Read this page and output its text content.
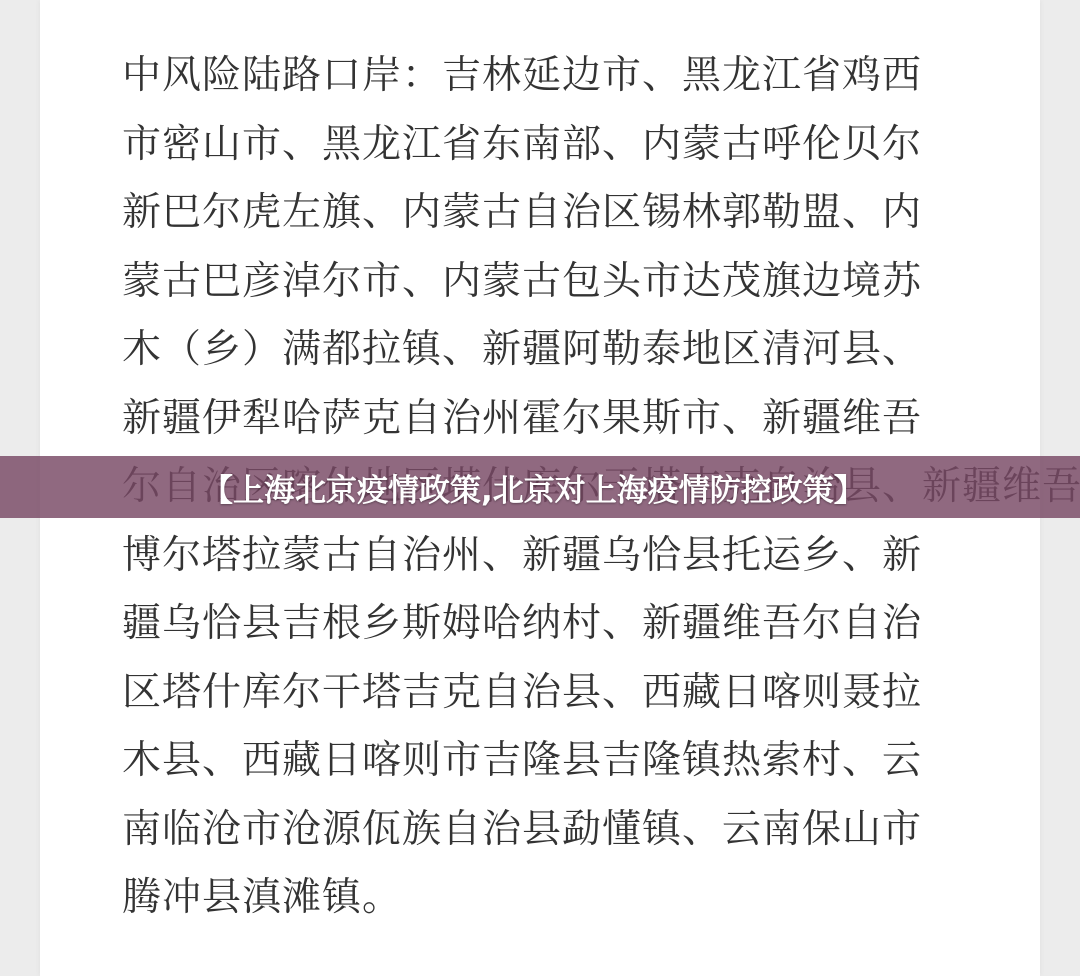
中风险陆路口岸：吉林延边市、黑龙江省鸡西
市密山市、黑龙江省东南部、内蒙古呼伦贝尔
新巴尔虎左旗、内蒙古自治区锡林郭勒盟、内
蒙古巴彦淖尔市、内蒙古包头市达茂旗边境苏
木（乡）满都拉镇、新疆阿勒泰地区清河县、
新疆伊犁哈萨克自治州霍尔果斯市、新疆维吾
博尔塔拉蒙古自治州、新疆乌恰县托运乡、新
疆乌恰县吉根乡斯姆哈纳村、新疆维吾尔自治
区塔什库尔干塔吉克自治县、西藏日喀则聂拉
木县、西藏日喀则市吉隆县吉隆镇热索村、云
南临沧市沧源佤族自治县勐懂镇、云南保山市
腾冲县滇滩镇。
【上海北京疫情政策,北京对上海疫情防控政策】
